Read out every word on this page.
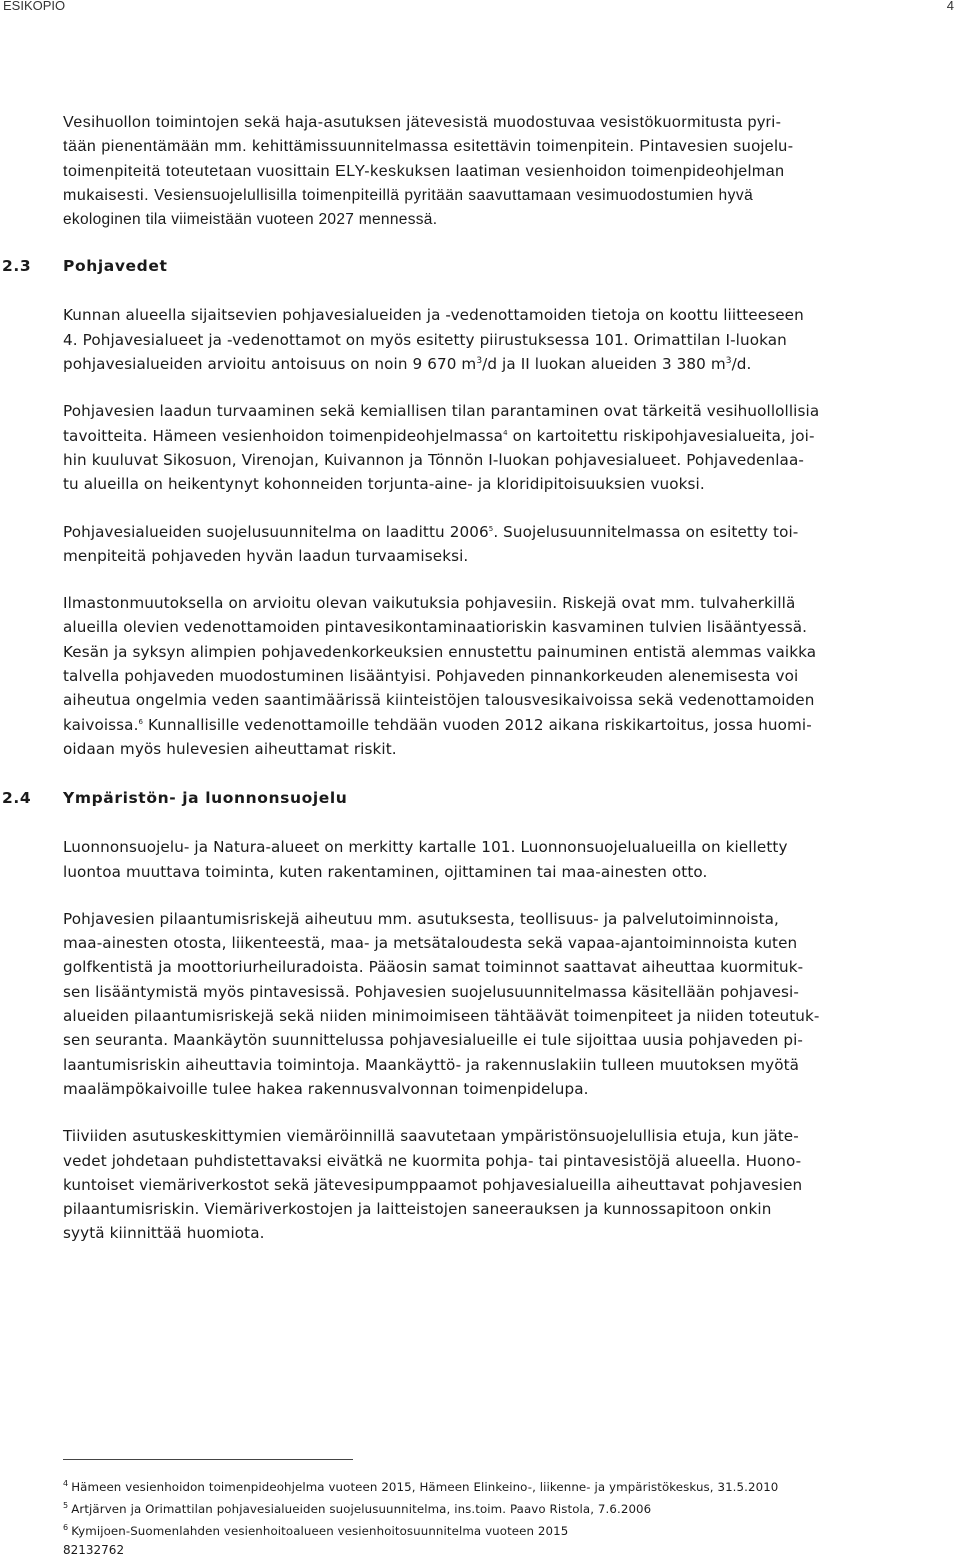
ESIKOPIO	4

Vesihuollon toimintojen sekä haja-asutuksen jätevesistä muodostuvaa vesistökuormitusta pyri-
tään pienentämään mm. kehittämissuunnitelmassa esitettävin toimenpitein. Pintavesien suojelu-
toimenpiteitä toteutetaan vuosittain ELY-keskuksen laatiman vesienhoidon toimenpideohjelman
mukaisesti. Vesiensuojelullisilla toimenpiteillä pyritään saavuttamaan vesimuodostumien hyvä
ekologinen tila viimeistään vuoteen 2027 mennessä.

2.3 Pohjavedet

Kunnan alueella sijaitsevien pohjavesialueiden ja -vedenottamoiden tietoja on koottu liitteeseen
4. Pohjavesialueet ja -vedenottamot on myös esitetty piirustuksessa 101. Orimattilan I-luokan
pohjavesialueiden arvioitu antoisuus on noin 9 670 $m^3/d$ ja II luokan alueiden 3 380 $m^3/d$.

Pohjavesien laadun turvaaminen sekä kemiallisen tilan parantaminen ovat tärkeitä vesihuollollisia
tavoitteita. Hämeen vesienhoidon toimenpideohjelmassa$^4$ on kartoitettu riskipohjavesialueita, joi-
hin kuuluvat Sikosuon, Virenojan, Kuivannon ja Tönnön I-luokan pohjavesialueet. Pohjavedenlaa-
tu alueilla on heikentynyt kohonneiden torjunta-aine- ja kloridipitoisuuksien vuoksi.

Pohjavesialueiden suojelusuunnitelma on laadittu 2006$^5$. Suojelusuunnitelmassa on esitetty toi-
menpiteitä pohjaveden hyvän laadun turvaamiseksi.

Ilmastonmuutoksella on arvioitu olevan vaikutuksia pohjavesiin. Riskejä ovat mm. tulvaherkillä
alueilla olevien vedenottamoiden pintavesikontaminaatioriskin kasvaminen tulvien lisääntyessä.
Kesän ja syksyn alimpien pohjavedenkorkeuksien ennustettu painuminen entistä alemmas vaikka
talvella pohjaveden muodostuminen lisääntyisi. Pohjaveden pinnankorkeuden alenemisesta voi
aiheutua ongelmia veden saantimäärissä kiinteistöjen talousvesikaivoissa sekä vedenottamoiden
kaivoissa.$^6$ Kunnallisille vedenottamoille tehdään vuoden 2012 aikana riskikartoitus, jossa huomi-
oidaan myös hulevesien aiheuttamat riskit.

2.4 Ympäristön- ja luonnonsuojelu

Luonnonsuojelu- ja Natura-alueet on merkitty kartalle 101. Luonnonsuojelualueilla on kielletty
luontoa muuttava toiminta, kuten rakentaminen, ojittaminen tai maa-ainesten otto.

Pohjavesien pilaantumisriskejä aiheutuu mm. asutuksesta, teollisuus- ja palvelutoiminnoista,
maa-ainesten otosta, liikenteestä, maa- ja metsätaloudesta sekä vapaa-ajantoiminnoista kuten
golfkentistä ja moottoriurheiluradoista. Pääosin samat toiminnot saattavat aiheuttaa kuormituk-
sen lisääntymistä myös pintavesissä. Pohjavesien suojelusuunnitelmassa käsitellään pohjavesi-
alueiden pilaantumisriskejä sekä niiden minimoimiseen tähtäävät toimenpiteet ja niiden toteutuk-
sen seuranta. Maankäytön suunnittelussa pohjavesialueille ei tule sijoittaa uusia pohjaveden pi-
laantumisriskin aiheuttavia toimintoja. Maankäyttö- ja rakennuslakiin tulleen muutoksen myötä
maalämpökaivoille tulee hakea rakennusvalvonnan toimenpidelupa.

Tiiviiden asutuskeskittymien viemäröinnillä saavutetaan ympäristönsuojelullisia etuja, kun jäte-
vedet johdetaan puhdistettavaksi eivätkä ne kuormita pohja- tai pintavesistöjä alueella. Huono-
kuntoiset viemäriverkostot sekä jätevesipumppaamot pohjavesialueilla aiheuttavat pohjavesien
pilaantumisriskin. Viemäriverkostojen ja laitteistojen saneerauksen ja kunnossapitoon onkin
syytä kiinnittää huomiota.

$^4$ Hämeen vesienhoidon toimenpideohjelma vuoteen 2015, Hämeen Elinkeino-, liikenne- ja ympäristökeskus, 31.5.2010
$^5$ Artjärven ja Orimattilan pohjavesialueiden suojelusuunnitelma, ins.toim. Paavo Ristola, 7.6.2006
$^6$ Kymijoen-Suomenlahden vesienhoitoalueen vesienhoitosuunnitelma vuoteen 2015
82132762
